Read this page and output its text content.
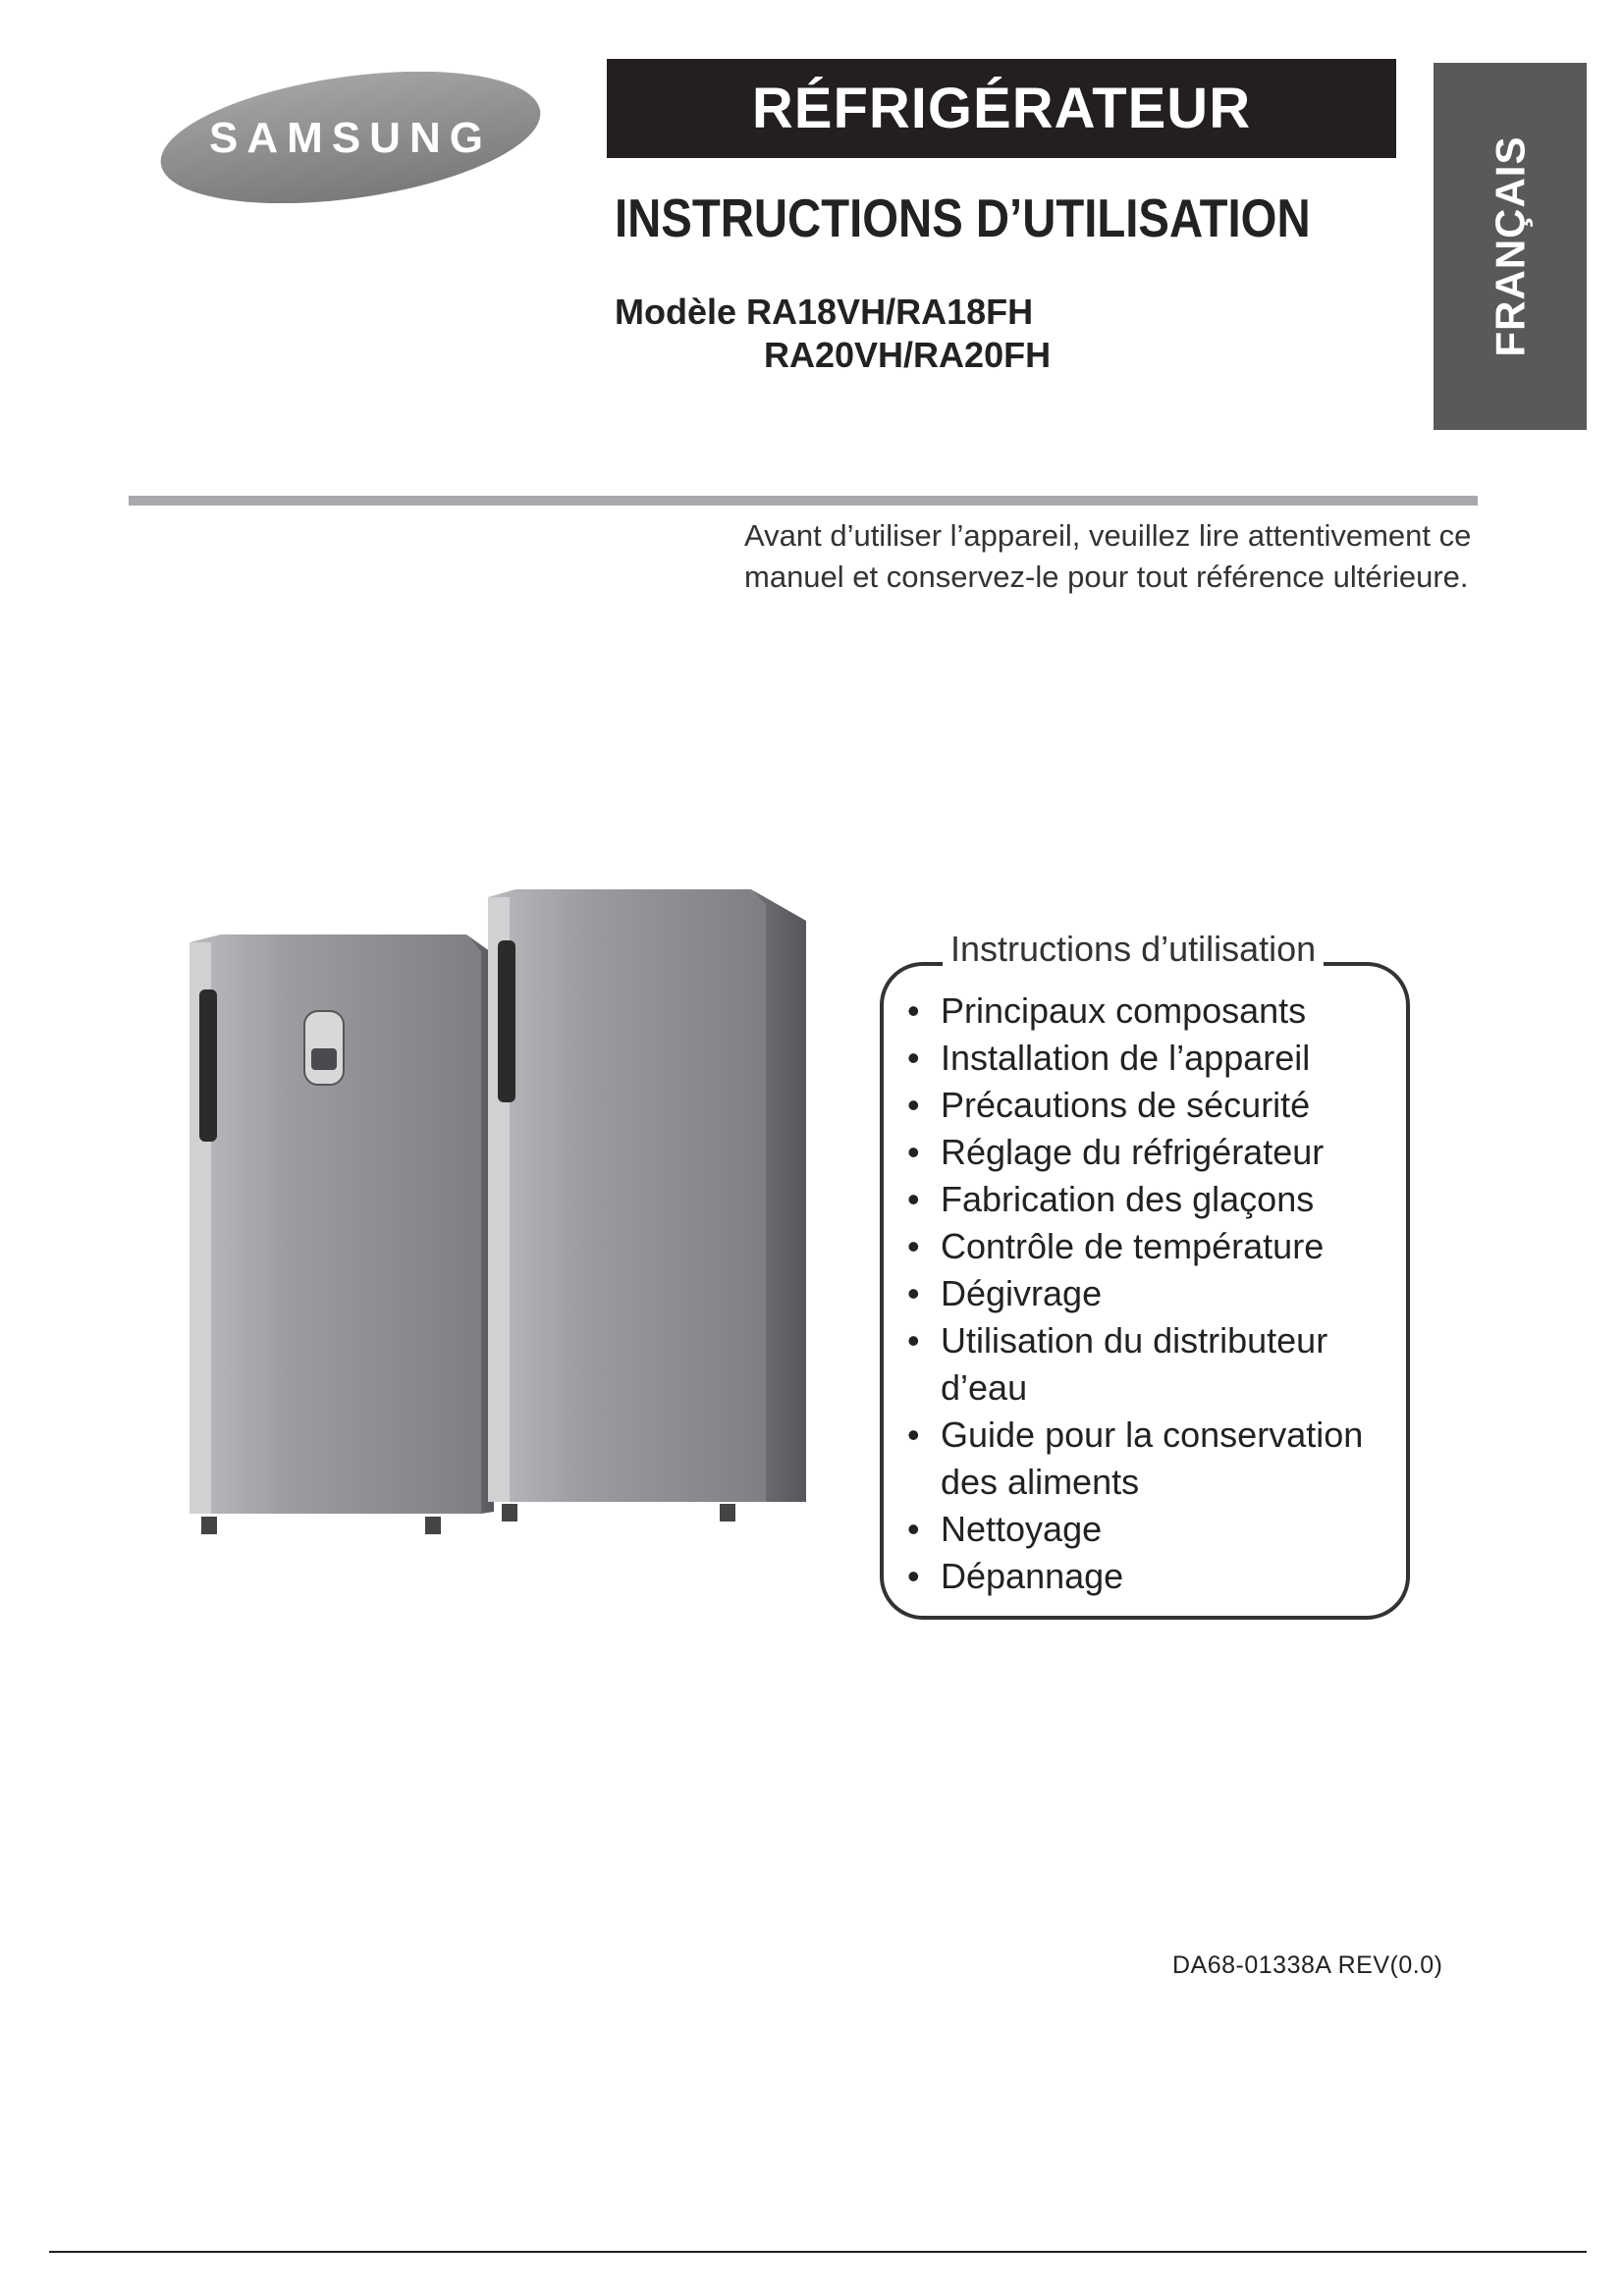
SAMSUNG	RÉFRIGÉRATEUR
INSTRUCTIONS D’UTILISATION
Modèle RA18VH/RA18FH
RA20VH/RA20FH	FRANÇAIS
Avant d’utiliser l’appareil, veuillez lire attentivement ce manuel et conservez-le pour tout référence ultérieure.
Instructions d’utilisation
• Principaux composants
• Installation de l’appareil
• Précautions de sécurité
• Réglage du réfrigérateur
• Fabrication des glaçons
• Contrôle de température
• Dégivrage
• Utilisation du distributeur
d’eau
• Guide pour la conservation
des aliments
• Nettoyage
• Dépannage
DA68-01338A REV(0.0)
